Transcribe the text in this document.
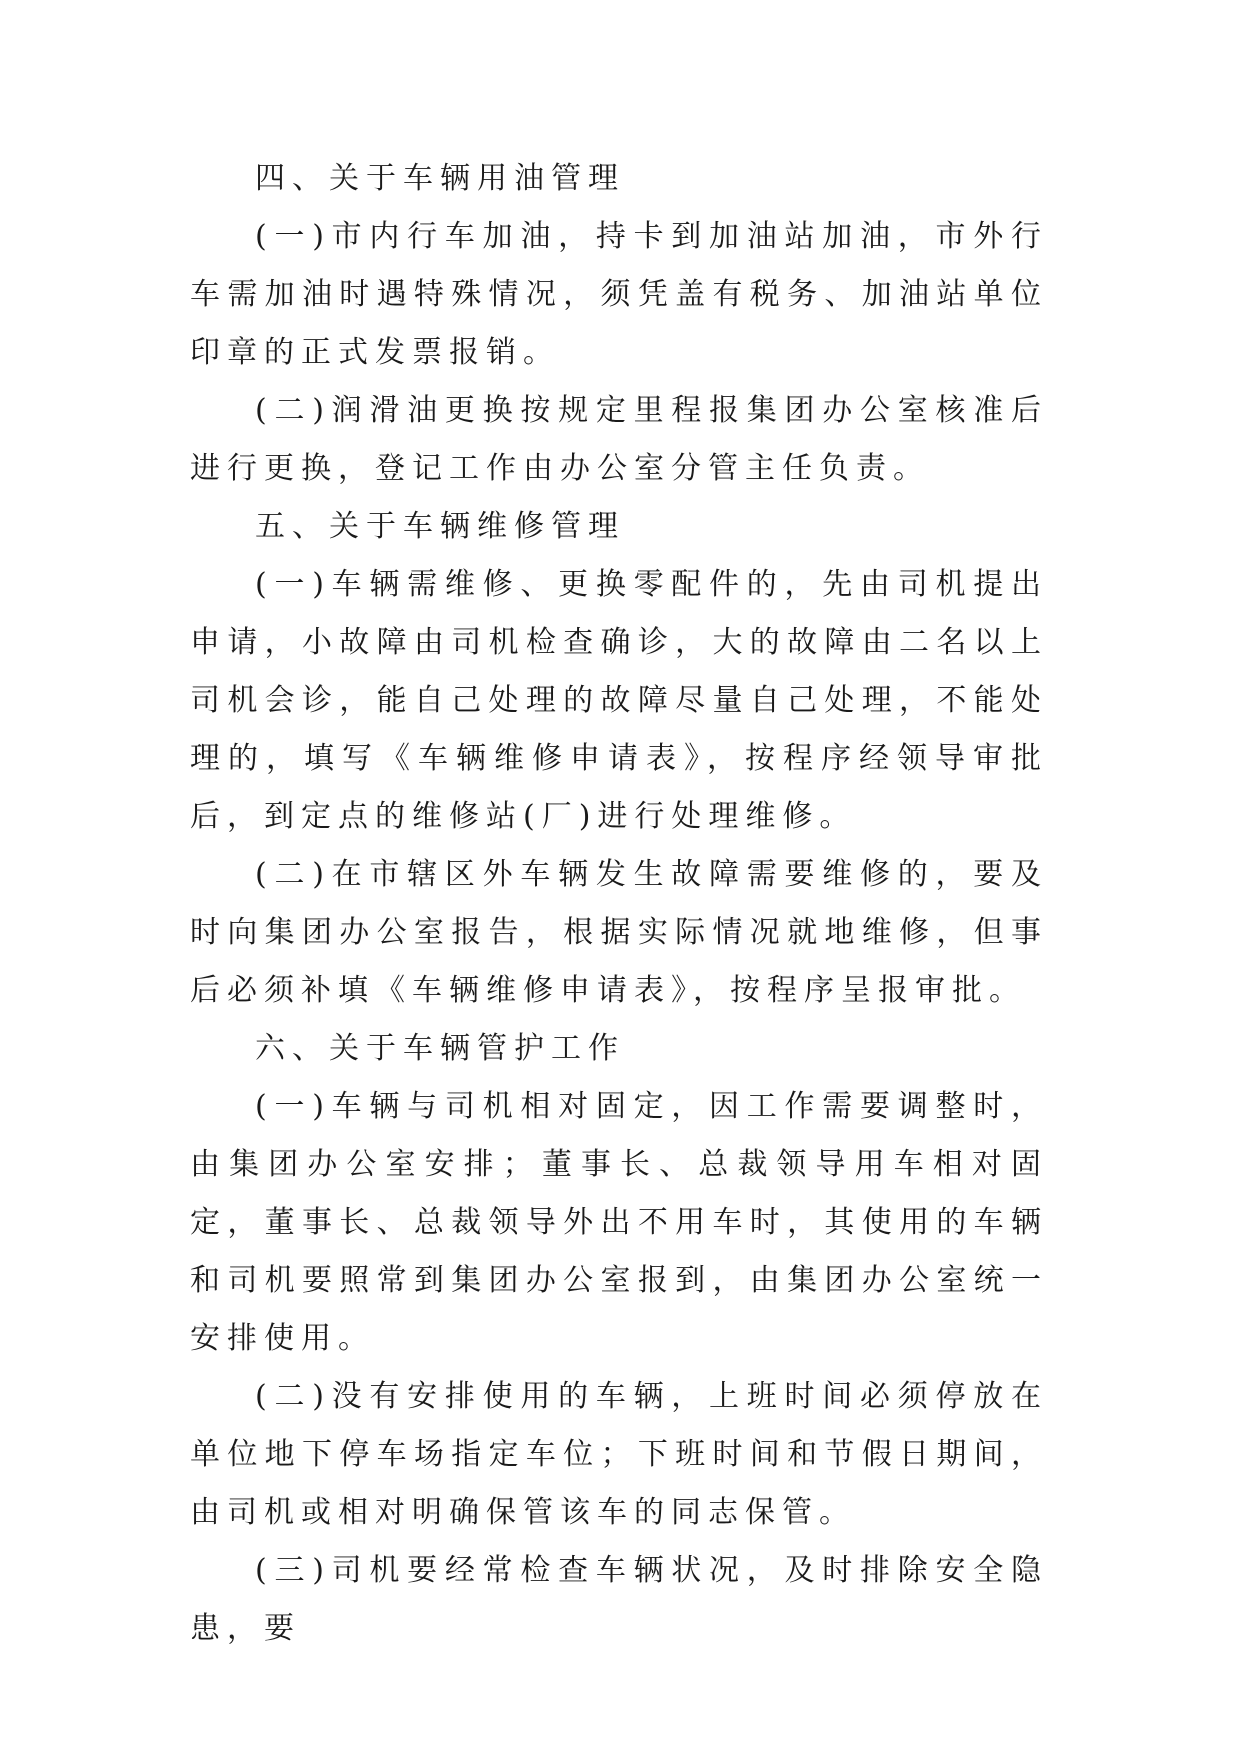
四、关于车辆用油管理

(一)市内行车加油，持卡到加油站加油，市外行车需加油时遇特殊情况，须凭盖有税务、加油站单位印章的正式发票报销。

(二)润滑油更换按规定里程报集团办公室核准后进行更换，登记工作由办公室分管主任负责。

五、关于车辆维修管理

(一)车辆需维修、更换零配件的，先由司机提出申请，小故障由司机检查确诊，大的故障由二名以上司机会诊，能自己处理的故障尽量自己处理，不能处理的，填写《车辆维修申请表》，按程序经领导审批后，到定点的维修站(厂)进行处理维修。

(二)在市辖区外车辆发生故障需要维修的，要及时向集团办公室报告，根据实际情况就地维修，但事后必须补填《车辆维修申请表》，按程序呈报审批。

六、关于车辆管护工作

(一)车辆与司机相对固定，因工作需要调整时，由集团办公室安排；董事长、总裁领导用车相对固定，董事长、总裁领导外出不用车时，其使用的车辆和司机要照常到集团办公室报到，由集团办公室统一安排使用。

(二)没有安排使用的车辆，上班时间必须停放在单位地下停车场指定车位；下班时间和节假日期间，由司机或相对明确保管该车的同志保管。

(三)司机要经常检查车辆状况，及时排除安全隐患，要
